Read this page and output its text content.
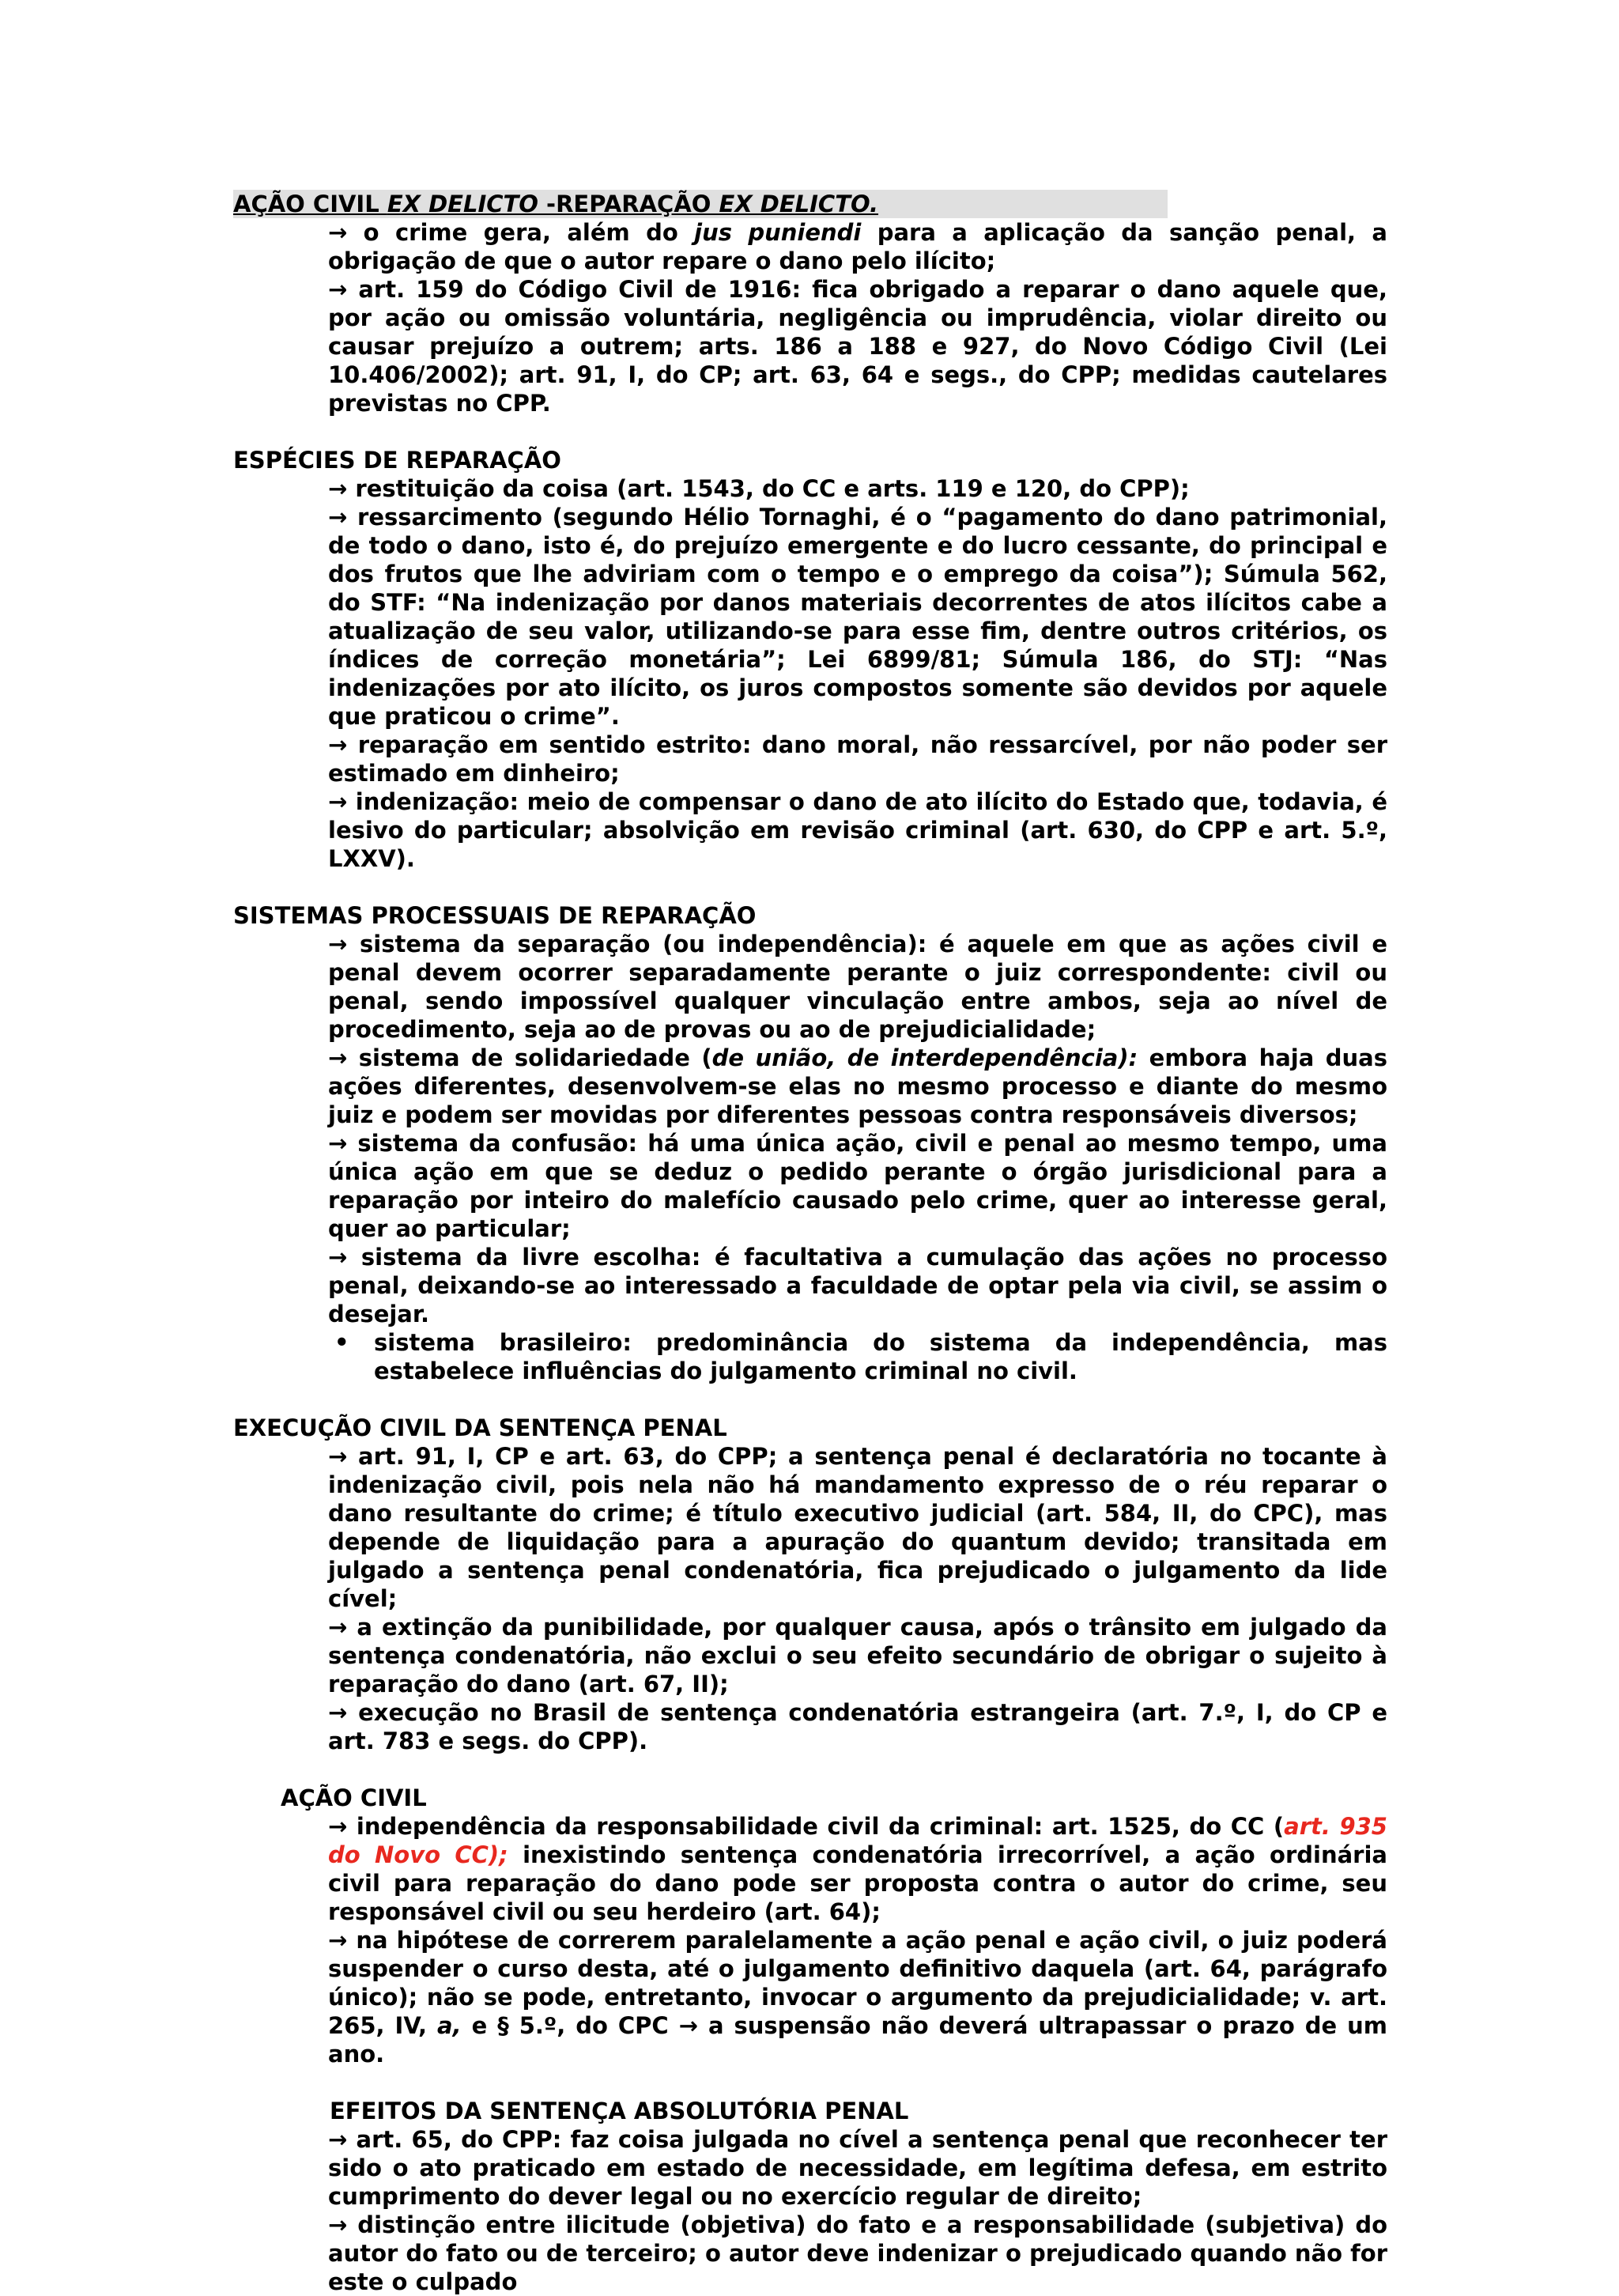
AÇÃO CIVIL EX DELICTO -REPARAÇÃO EX DELICTO.

→ o crime gera, além do jus puniendi para a aplicação da sanção penal, a obrigação de que o autor repare o dano pelo ilícito;

→ art. 159 do Código Civil de 1916: fica obrigado a reparar o dano aquele que, por ação ou omissão voluntária, negligência ou imprudência, violar direito ou causar prejuízo a outrem; arts. 186 a 188 e 927, do Novo Código Civil (Lei 10.406/2002); art. 91, I, do CP; art. 63, 64 e segs., do CPP; medidas cautelares previstas no CPP.

ESPÉCIES DE REPARAÇÃO

→ restituição da coisa (art. 1543, do CC e arts. 119 e 120, do CPP);

→ ressarcimento (segundo Hélio Tornaghi, é o “pagamento do dano patrimonial, de todo o dano, isto é, do prejuízo emergente e do lucro cessante, do principal e dos frutos que lhe adviriam com o tempo e o emprego da coisa”); Súmula 562, do STF: “Na indenização por danos materiais decorrentes de atos ilícitos cabe a atualização de seu valor, utilizando-se para esse fim, dentre outros critérios, os índices de correção monetária”; Lei 6899/81; Súmula 186, do STJ: “Nas indenizações por ato ilícito, os juros compostos somente são devidos por aquele que praticou o crime”.

→ reparação em sentido estrito: dano moral, não ressarcível, por não poder ser estimado em dinheiro;

→ indenização: meio de compensar o dano de ato ilícito do Estado que, todavia, é lesivo do particular; absolvição em revisão criminal (art. 630, do CPP e art. 5.º, LXXV).

SISTEMAS PROCESSUAIS DE REPARAÇÃO

→ sistema da separação (ou independência): é aquele em que as ações civil e penal devem ocorrer separadamente perante o juiz correspondente: civil ou penal, sendo impossível qualquer vinculação entre ambos, seja ao nível de procedimento, seja ao de provas ou ao de prejudicialidade;

→ sistema de solidariedade (de união, de interdependência): embora haja duas ações diferentes, desenvolvem-se elas no mesmo processo e diante do mesmo juiz e podem ser movidas por diferentes pessoas contra responsáveis diversos;

→ sistema da confusão: há uma única ação, civil e penal ao mesmo tempo, uma única ação em que se deduz o pedido perante o órgão jurisdicional para a reparação por inteiro do malefício causado pelo crime, quer ao interesse geral, quer ao particular;

→ sistema da livre escolha: é facultativa a cumulação das ações no processo penal, deixando-se ao interessado a faculdade de optar pela via civil, se assim o desejar.

•	sistema brasileiro: predominância do sistema da independência, mas estabelece influências do julgamento criminal no civil.

EXECUÇÃO CIVIL DA SENTENÇA PENAL

→ art. 91, I, CP e art. 63, do CPP; a sentença penal é declaratória no tocante à indenização civil, pois nela não há mandamento expresso de o réu reparar o dano resultante do crime; é título executivo judicial (art. 584, II, do CPC), mas depende de liquidação para a apuração do quantum devido; transitada em julgado a sentença penal condenatória, fica prejudicado o julgamento da lide cível;

→ a extinção da punibilidade, por qualquer causa, após o trânsito em julgado da sentença condenatória, não exclui o seu efeito secundário de obrigar o sujeito à reparação do dano (art. 67, II);

→ execução no Brasil de sentença condenatória estrangeira (art. 7.º, I, do CP e art. 783 e segs. do CPP).

AÇÃO CIVIL

→ independência da responsabilidade civil da criminal: art. 1525, do CC (art. 935 do Novo CC); inexistindo sentença condenatória irrecorrível, a ação ordinária civil para reparação do dano pode ser proposta contra o autor do crime, seu responsável civil ou seu herdeiro (art. 64);

→ na hipótese de correrem paralelamente a ação penal e ação civil, o juiz poderá suspender o curso desta, até o julgamento definitivo daquela (art. 64, parágrafo único); não se pode, entretanto, invocar o argumento da prejudicialidade; v. art. 265, IV, a, e § 5.º, do CPC → a suspensão não deverá ultrapassar o prazo de um ano.

EFEITOS DA SENTENÇA ABSOLUTÓRIA PENAL

→ art. 65, do CPP: faz coisa julgada no cível a sentença penal que reconhecer ter sido o ato praticado em estado de necessidade, em legítima defesa, em estrito cumprimento do dever legal ou no exercício regular de direito;

→ distinção entre ilicitude (objetiva) do fato e a responsabilidade (subjetiva) do autor do fato ou de terceiro; o autor deve indenizar o prejudicado quando não for este o culpado
